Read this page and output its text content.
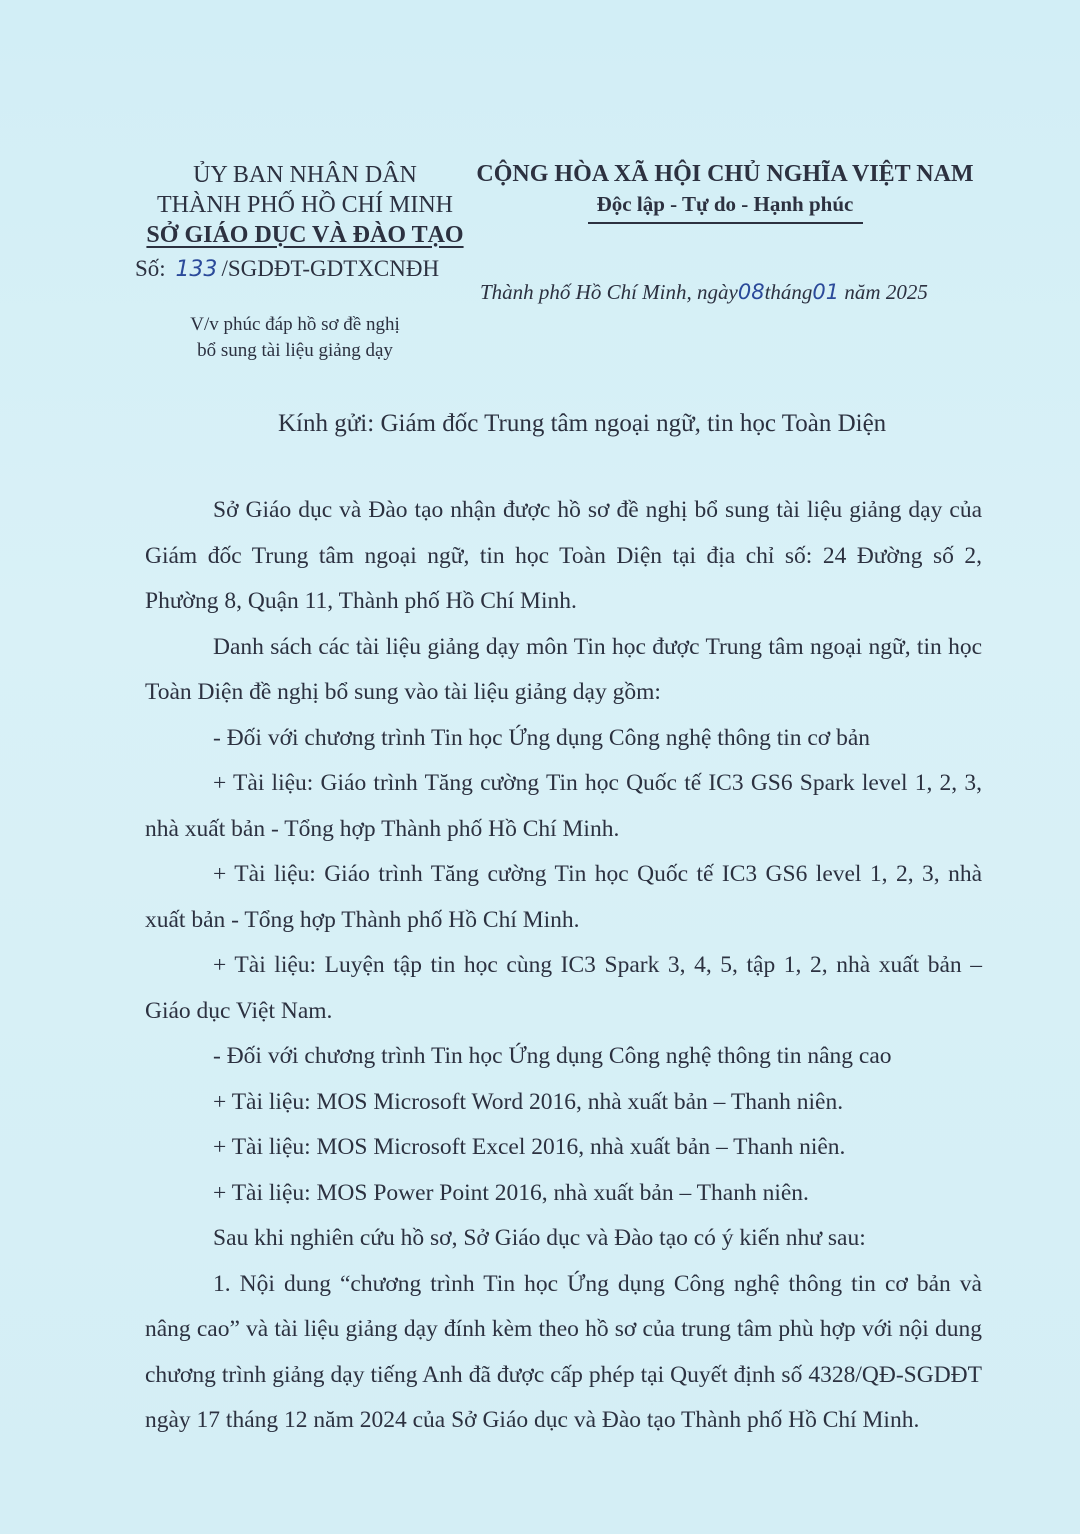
ỦY BAN NHÂN DÂN
THÀNH PHỐ HỒ CHÍ MINH
SỞ GIÁO DỤC VÀ ĐÀO TẠO
Số: 133 /SGDĐT-GDTXCNĐH
V/v phúc đáp hồ sơ đề nghị
bổ sung tài liệu giảng dạy
CỘNG HÒA XÃ HỘI CHỦ NGHĨA VIỆT NAM
Độc lập - Tự do - Hạnh phúc
Thành phố Hồ Chí Minh, ngày08tháng01 năm 2025
Kính gửi: Giám đốc Trung tâm ngoại ngữ, tin học Toàn Diện

Sở Giáo dục và Đào tạo nhận được hồ sơ đề nghị bổ sung tài liệu giảng dạy của Giám đốc Trung tâm ngoại ngữ, tin học Toàn Diện tại địa chỉ số: 24 Đường số 2, Phường 8, Quận 11, Thành phố Hồ Chí Minh.

Danh sách các tài liệu giảng dạy môn Tin học được Trung tâm ngoại ngữ, tin học Toàn Diện đề nghị bổ sung vào tài liệu giảng dạy gồm:

- Đối với chương trình Tin học Ứng dụng Công nghệ thông tin cơ bản

+ Tài liệu: Giáo trình Tăng cường Tin học Quốc tế IC3 GS6 Spark level 1, 2, 3, nhà xuất bản - Tổng hợp Thành phố Hồ Chí Minh.

+ Tài liệu: Giáo trình Tăng cường Tin học Quốc tế IC3 GS6 level 1, 2, 3, nhà xuất bản - Tổng hợp Thành phố Hồ Chí Minh.

+ Tài liệu: Luyện tập tin học cùng IC3 Spark 3, 4, 5, tập 1, 2, nhà xuất bản – Giáo dục Việt Nam.

- Đối với chương trình Tin học Ứng dụng Công nghệ thông tin nâng cao

+ Tài liệu: MOS Microsoft Word 2016, nhà xuất bản – Thanh niên.

+ Tài liệu: MOS Microsoft Excel 2016, nhà xuất bản – Thanh niên.

+ Tài liệu: MOS Power Point 2016, nhà xuất bản – Thanh niên.

Sau khi nghiên cứu hồ sơ, Sở Giáo dục và Đào tạo có ý kiến như sau:

1. Nội dung “chương trình Tin học Ứng dụng Công nghệ thông tin cơ bản và nâng cao” và tài liệu giảng dạy đính kèm theo hồ sơ của trung tâm phù hợp với nội dung chương trình giảng dạy tiếng Anh đã được cấp phép tại Quyết định số 4328/QĐ-SGDĐT ngày 17 tháng 12 năm 2024 của Sở Giáo dục và Đào tạo Thành phố Hồ Chí Minh.
